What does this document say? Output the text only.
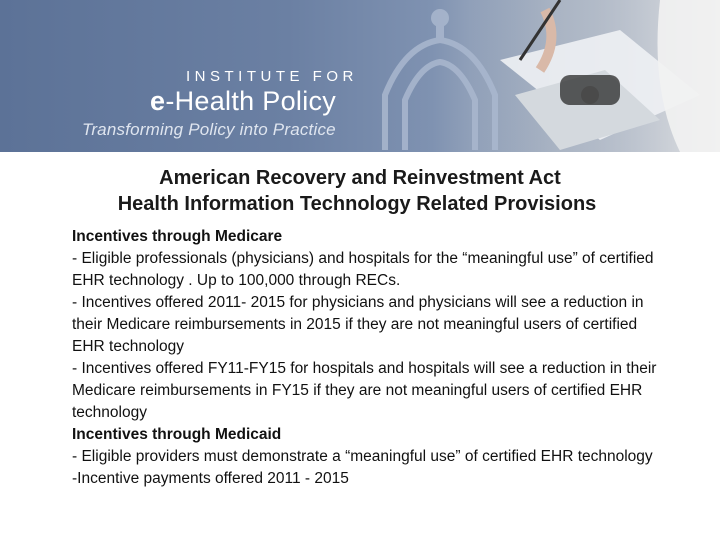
INSTITUTE FOR
e-Health Policy
Transforming Policy into Practice
American Recovery and Reinvestment Act
Health Information Technology Related Provisions

Incentives through Medicare

- Eligible professionals (physicians) and hospitals for the “meaningful use” of certified EHR technology . Up to 100,000 through RECs.

- Incentives offered 2011- 2015 for physicians and physicians will see a reduction in their Medicare reimbursements in 2015 if they are not meaningful users of certified EHR technology

- Incentives offered FY11-FY15 for hospitals and hospitals will see a reduction in their Medicare reimbursements in FY15 if they are not meaningful users of certified EHR technology

Incentives through Medicaid

- Eligible providers must demonstrate a “meaningful use” of certified EHR technology

-Incentive payments offered 2011 - 2015
